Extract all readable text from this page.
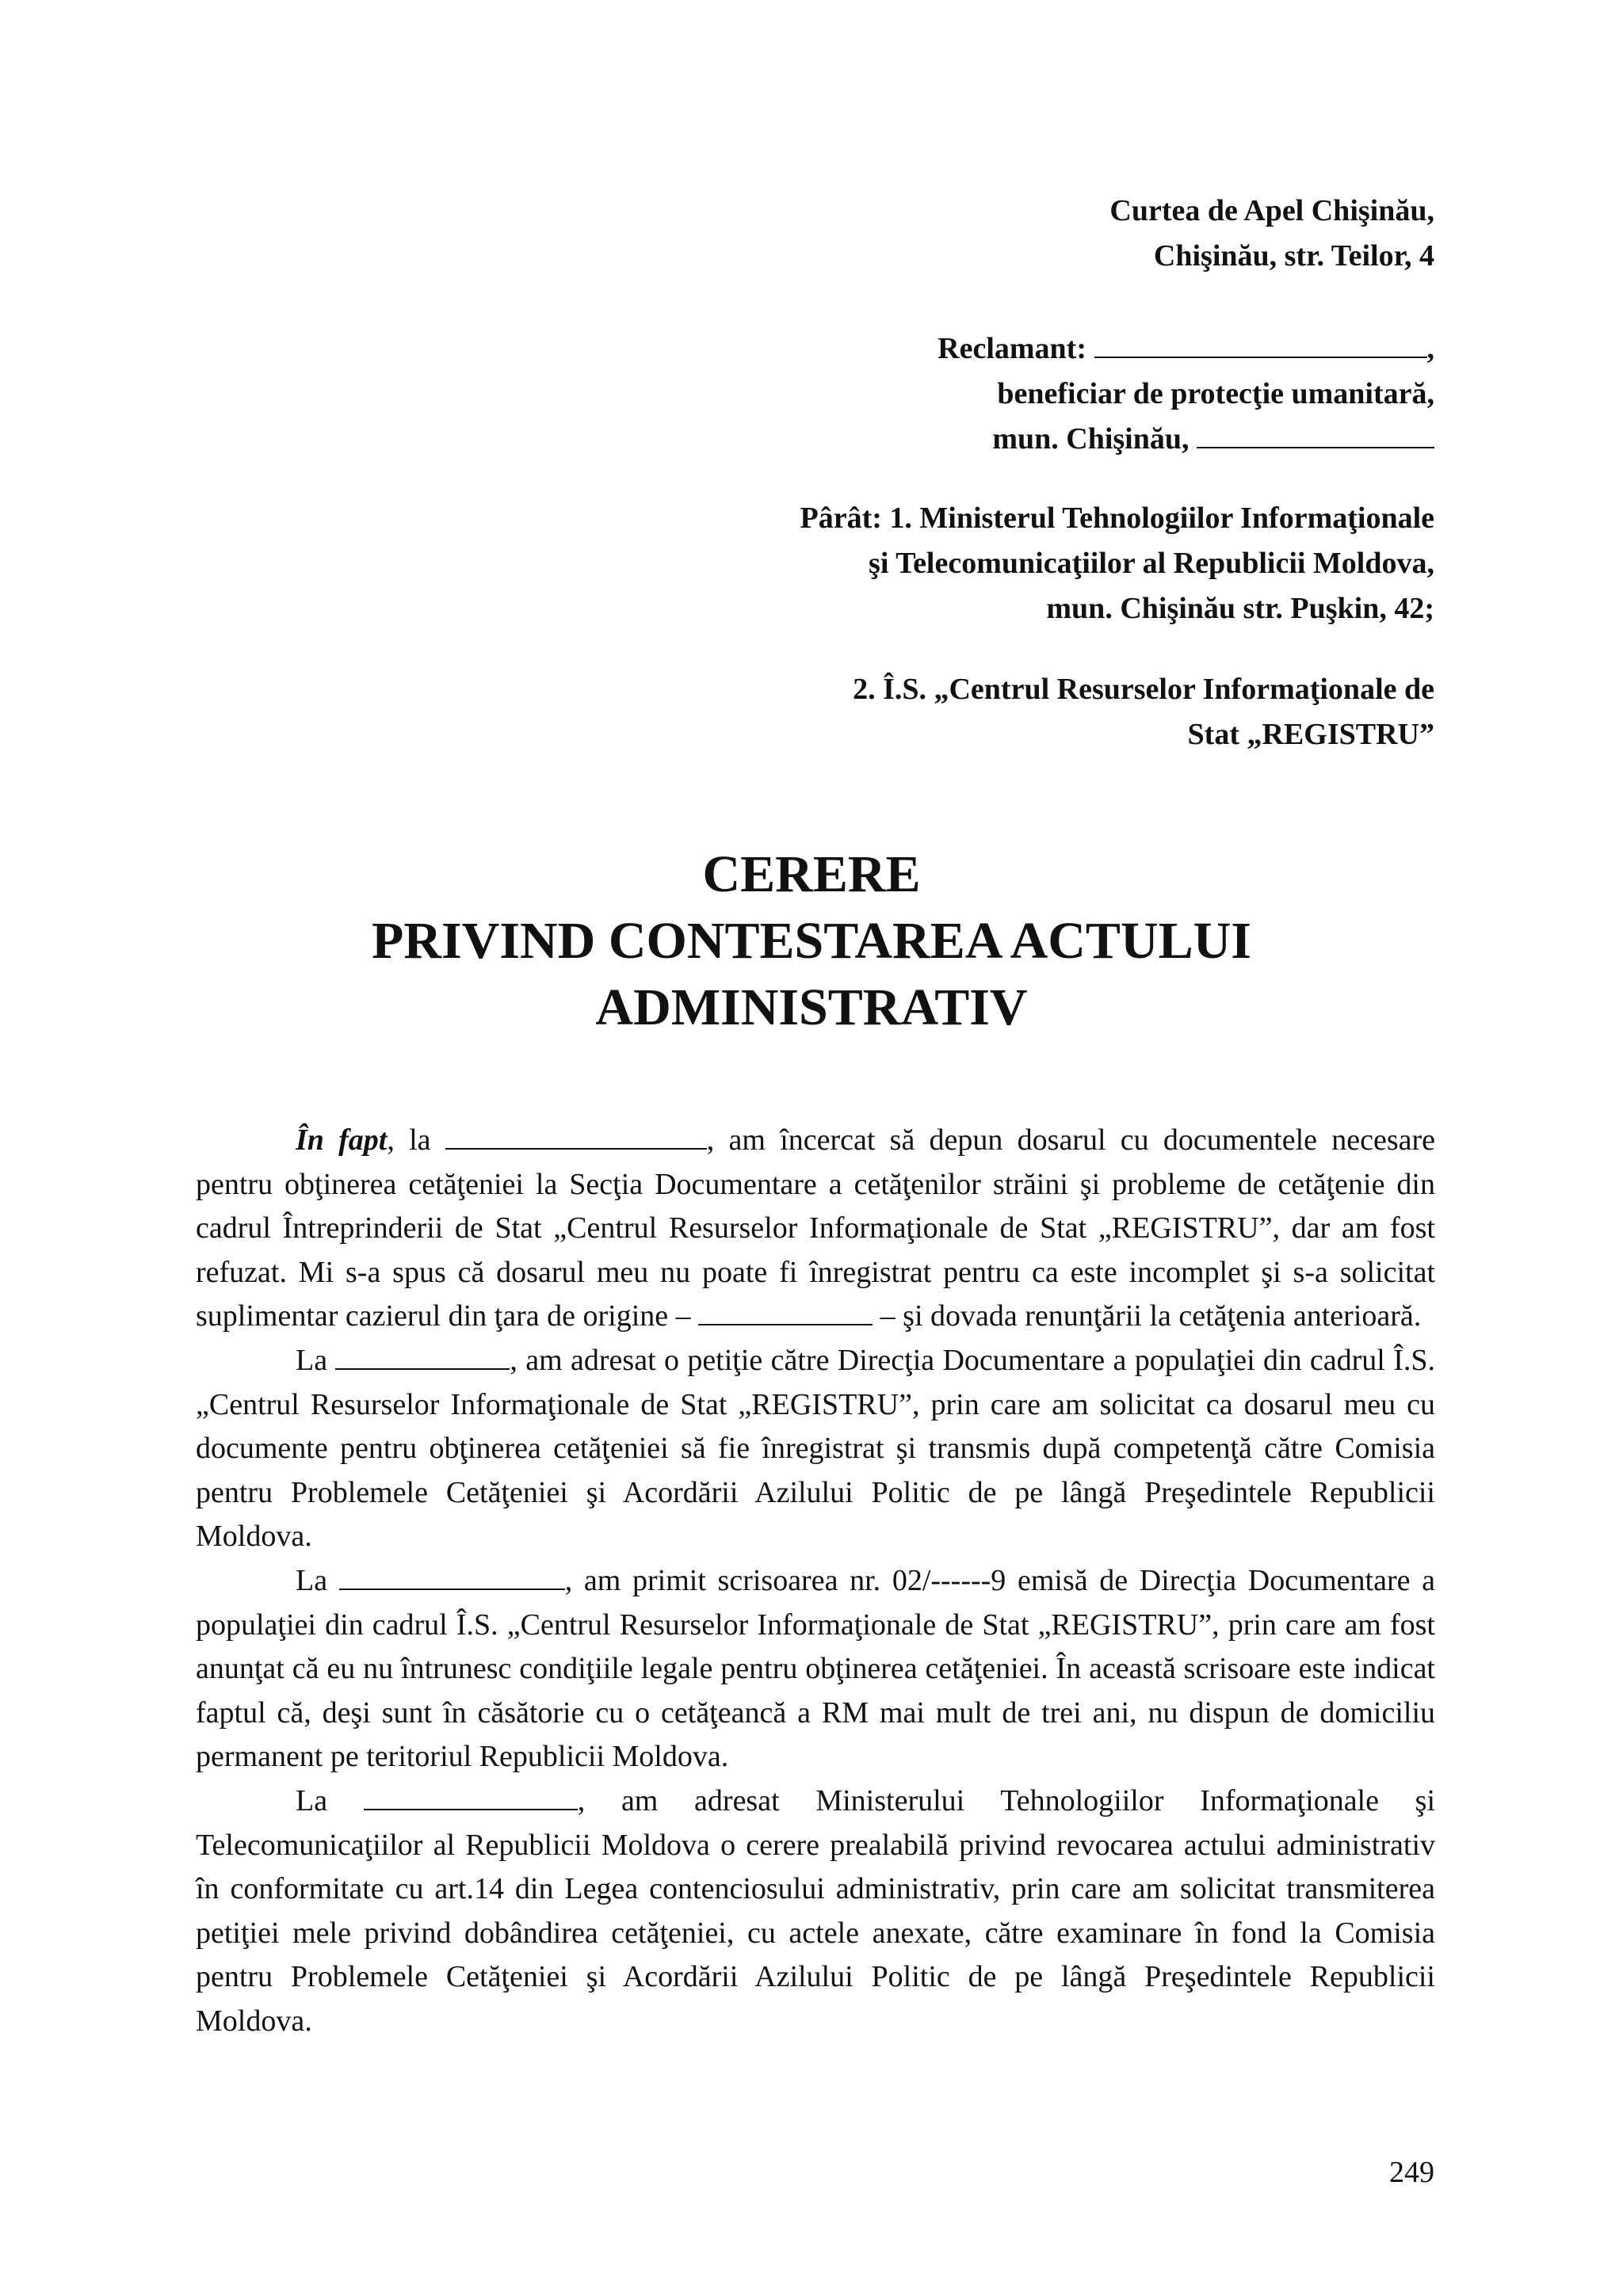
Curtea de Apel Chişinău,
Chişinău, str. Teilor, 4
Reclamant:	,
beneficiar de protecţie umanitară,
mun. Chişinău,
Pârât: 1. Ministerul Tehnologiilor Informaţionale
şi Telecomunicaţiilor al Republicii Moldova,
mun. Chişinău str. Puşkin, 42;
2. Î.S. „Centrul Resurselor Informaţionale de
Stat „REGISTRU”
CERERE
PRIVIND CONTESTAREA ACTULUI
ADMINISTRATIV

În fapt, la	, am încercat să depun dosarul cu documentele necesare pentru obţinerea cetăţeniei la Secţia Documentare a cetăţenilor străini şi probleme de cetăţenie din cadrul Întreprinderii de Stat „Centrul Resurselor Informaţionale de Stat „REGISTRU”, dar am fost refuzat. Mi s-a spus că dosarul meu nu poate fi înregistrat pentru ca este incomplet şi s-a solicitat suplimentar cazierul din ţara de origine –	– şi dovada renunţării la cetăţenia anterioară.

La	, am adresat o petiţie către Direcţia Documentare a populaţiei din cadrul Î.S. „Centrul Resurselor Informaţionale de Stat „REGISTRU”, prin care am solicitat ca dosarul meu cu documente pentru obţinerea cetăţeniei să fie înregistrat şi transmis după competenţă către Comisia pentru Problemele Cetăţeniei şi Acordării Azilului Politic de pe lângă Preşedintele Republicii Moldova.

La	, am primit scrisoarea nr. 02/------9 emisă de Direcţia Documentare a populaţiei din cadrul Î.S. „Centrul Resurselor Informaţionale de Stat „REGISTRU”, prin care am fost anunţat că eu nu întrunesc condiţiile legale pentru obţinerea cetăţeniei. În această scrisoare este indicat faptul că, deşi sunt în căsătorie cu o cetăţeancă a RM mai mult de trei ani, nu dispun de domiciliu permanent pe teritoriul Republicii Moldova.

La	, am adresat Ministerului Tehnologiilor Informaţionale şi Telecomunicaţiilor al Republicii Moldova o cerere prealabilă privind revocarea actului administrativ în conformitate cu art.14 din Legea contenciosului administrativ, prin care am solicitat transmiterea petiţiei mele privind dobândirea cetăţeniei, cu actele anexate, către examinare în fond la Comisia pentru Problemele Cetăţeniei şi Acordării Azilului Politic de pe lângă Preşedintele Republicii Moldova.

249
